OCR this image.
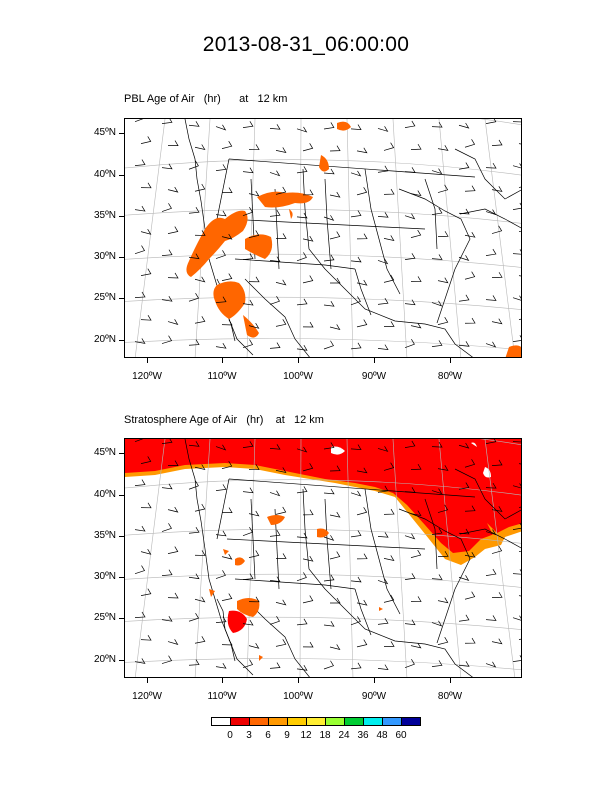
2013-08-31_06:00:00

PBL Age of Air   (hr)      at   12 km

45ºN
40ºN
35ºN
30ºN
25ºN
20ºN
120ºW	110ºW	100ºW	90ºW	80ºW

Stratosphere Age of Air   (hr)    at   12 km

45ºN
40ºN
35ºN
30ºN
25ºN
20ºN
120ºW	110ºW	100ºW	90ºW	80ºW
0	3	6	9	12 18 24 36 48 60
